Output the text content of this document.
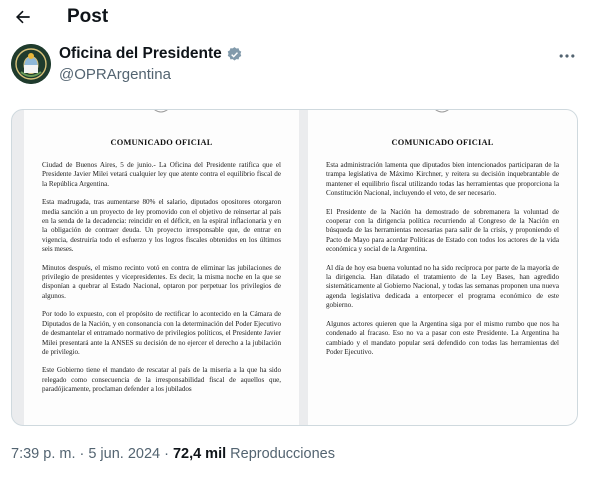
Post
Oficina del Presidente
@OPRArgentina
COMUNICADO OFICIAL

Ciudad de Buenos Aires, 5 de junio.- La Oficina del Presidente ratifica que el Presidente Javier Milei vetará cualquier ley que atente contra el equilibrio fiscal de la República Argentina.

Esta madrugada, tras aumentarse 80% el salario, diputados opositores otorgaron media sanción a un proyecto de ley promovido con el objetivo de reinsertar al país en la senda de la decadencia: reincidir en el déficit, en la espiral inflacionaria y en la obligación de contraer deuda. Un proyecto irresponsable que, de entrar en vigencia, destruiría todo el esfuerzo y los logros fiscales obtenidos en los últimos seis meses.

Minutos después, el mismo recinto votó en contra de eliminar las jubilaciones de privilegio de presidentes y vicepresidentes. Es decir, la misma noche en la que se disponían a quebrar al Estado Nacional, optaron por perpetuar los privilegios de algunos.

Por todo lo expuesto, con el propósito de rectificar lo acontecido en la Cámara de Diputados de la Nación, y en consonancia con la determinación del Poder Ejecutivo de desmantelar el entramado normativo de privilegios políticos, el Presidente Javier Milei presentará ante la ANSES su decisión de no ejercer el derecho a la jubilación de privilegio.

Este Gobierno tiene el mandato de rescatar al país de la miseria a la que ha sido relegado como consecuencia de la irresponsabilidad fiscal de aquellos que, paradójicamente, proclaman defender a los jubilados

COMUNICADO OFICIAL

Esta administración lamenta que diputados bien intencionados participaran de la trampa legislativa de Máximo Kirchner, y reitera su decisión inquebrantable de mantener el equilibrio fiscal utilizando todas las herramientas que proporciona la Constitución Nacional, incluyendo el veto, de ser necesario.

El Presidente de la Nación ha demostrado de sobremanera la voluntad de cooperar con la dirigencia política recurriendo al Congreso de la Nación en búsqueda de las herramientas necesarias para salir de la crisis, y proponiendo el Pacto de Mayo para acordar Políticas de Estado con todos los actores de la vida económica y social de la Argentina.

Al día de hoy esa buena voluntad no ha sido recíproca por parte de la mayoría de la dirigencia. Han dilatado el tratamiento de la Ley Bases, han agredido sistemáticamente al Gobierno Nacional, y todas las semanas proponen una nueva agenda legislativa dedicada a entorpecer el programa económico de este gobierno.

Algunos actores quieren que la Argentina siga por el mismo rumbo que nos ha condenado al fracaso. Eso no va a pasar con este Presidente. La Argentina ha cambiado y el mandato popular será defendido con todas las herramientas del Poder Ejecutivo.

7:39 p. m. · 5 jun. 2024 · 72,4 mil Reproducciones
